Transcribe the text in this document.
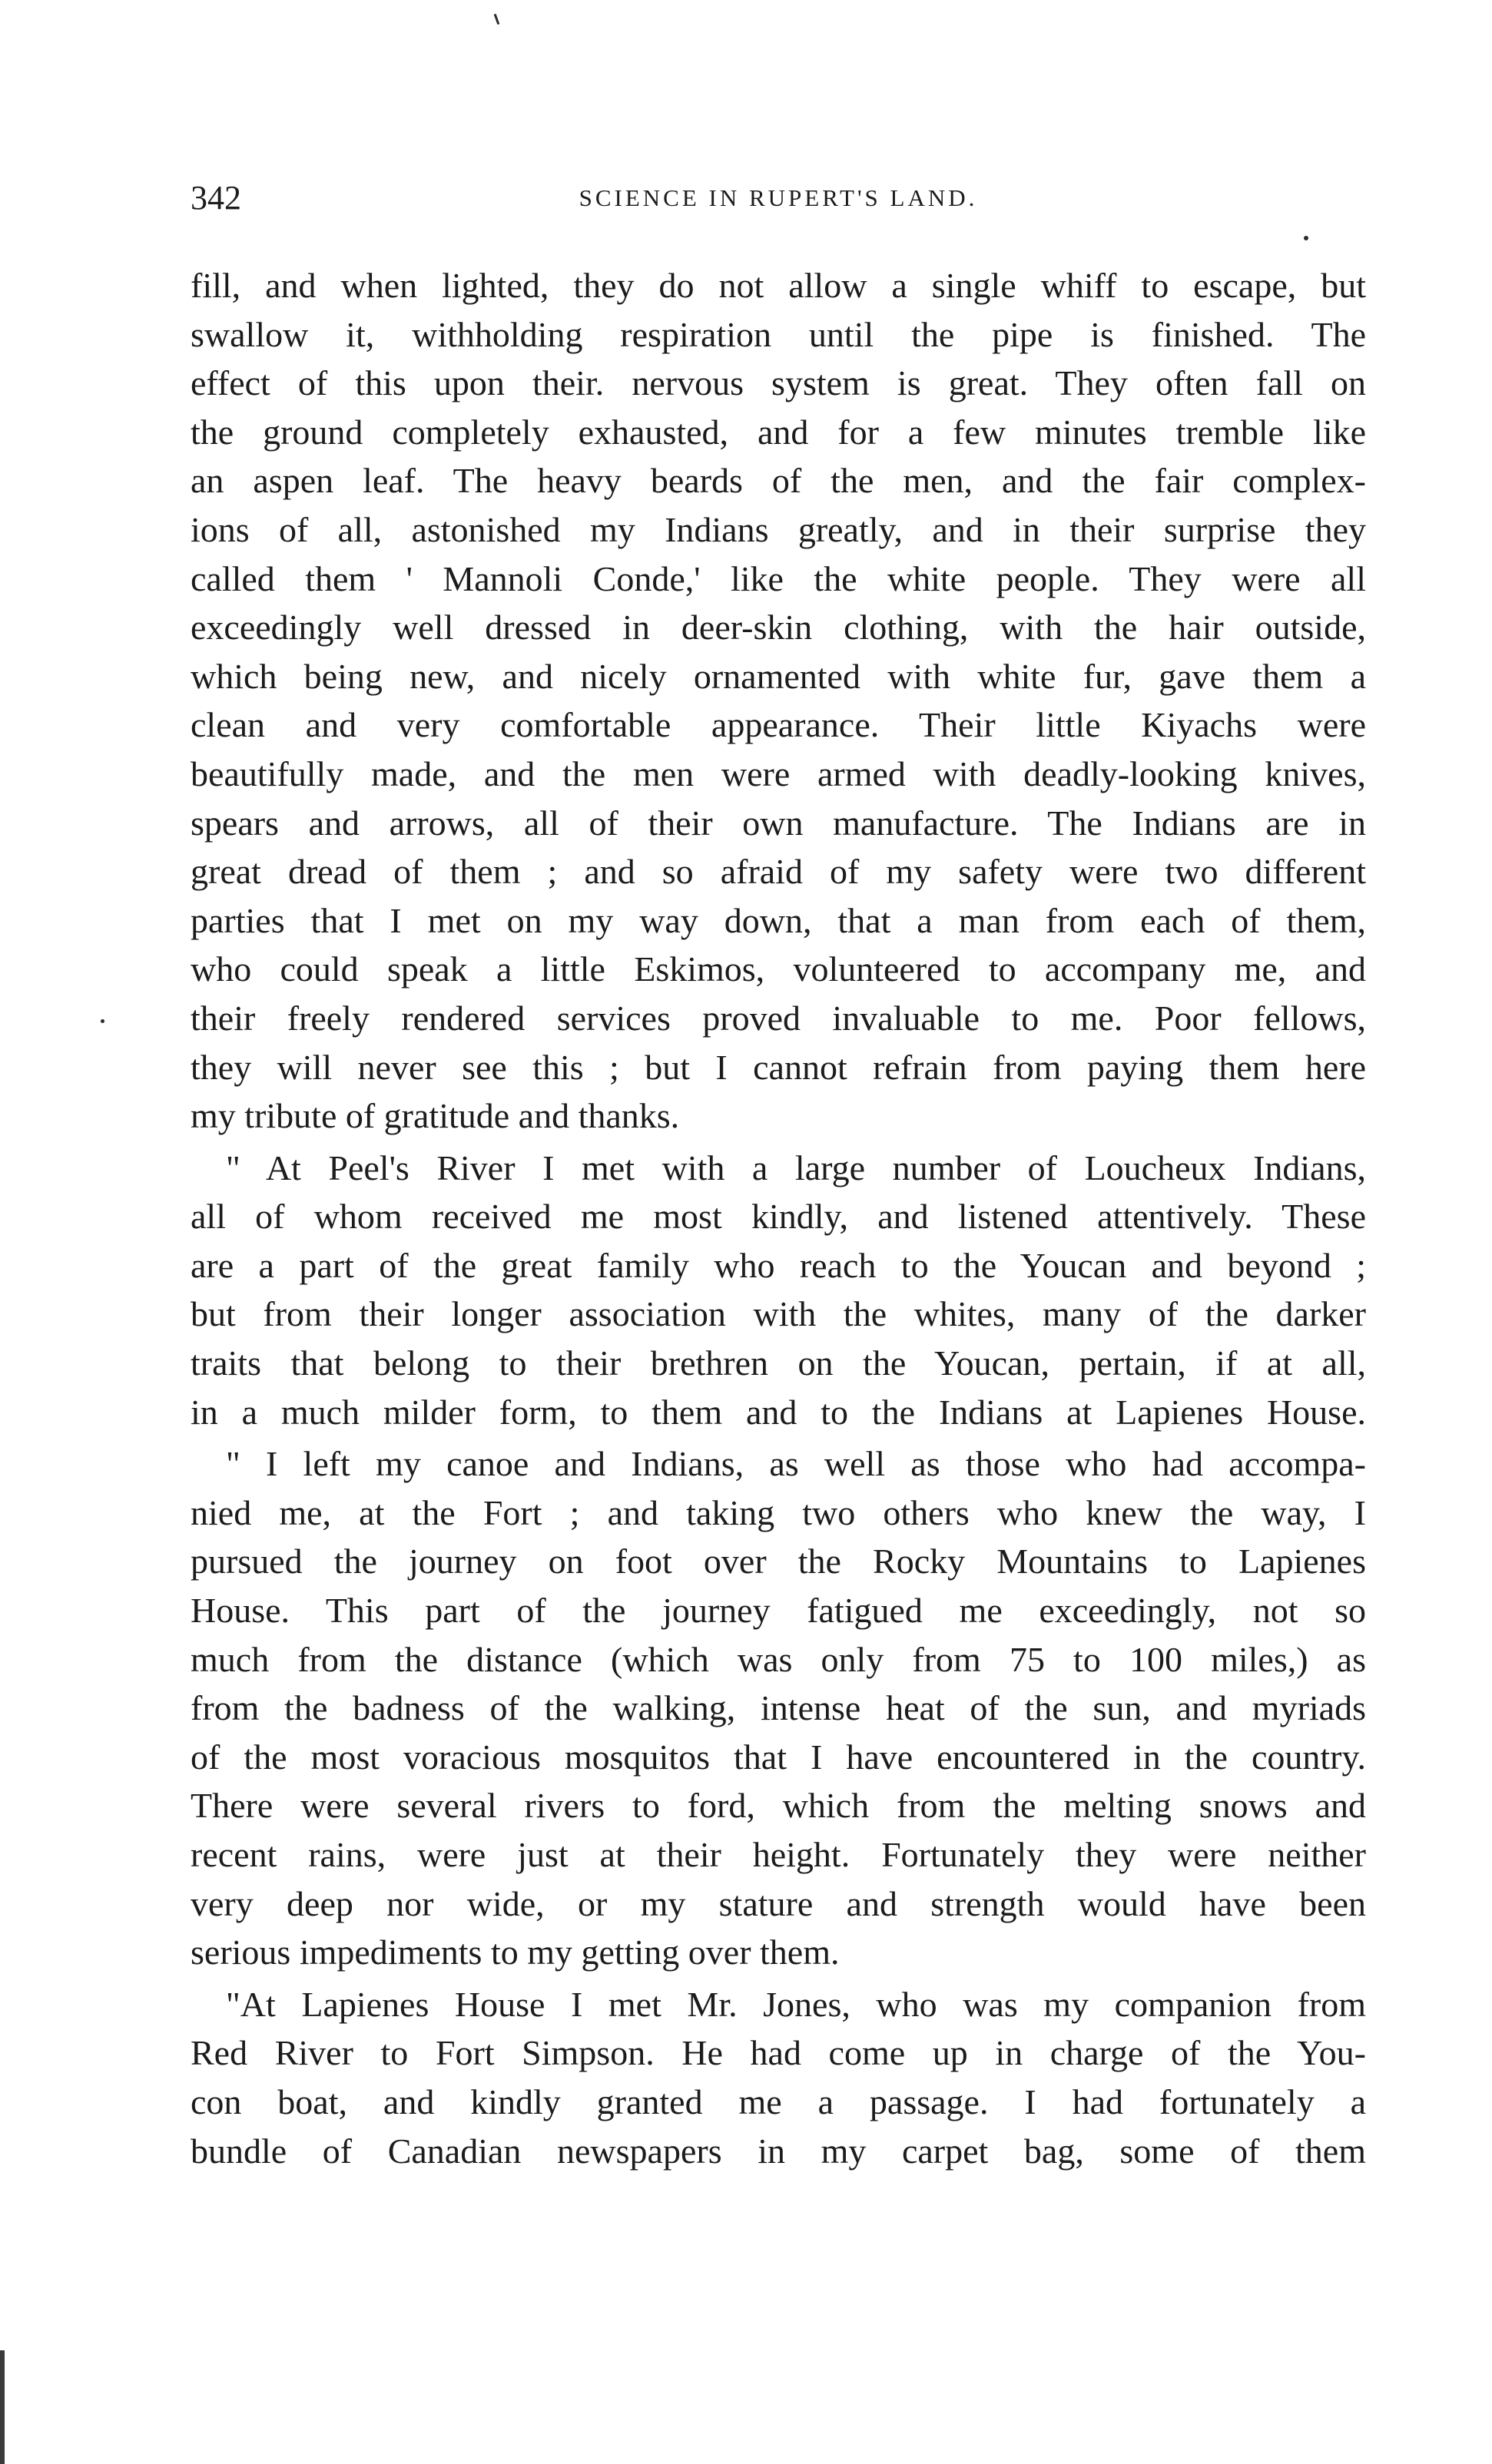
342	SCIENCE IN RUPERT'S LAND.
fill, and when lighted, they do not allow a single whiff to escape, but
swallow it, withholding respiration until the pipe is finished. The
effect of this upon their. nervous system is great. They often fall on
the ground completely exhausted, and for a few minutes tremble like
an aspen leaf. The heavy beards of the men, and the fair complex-
ions of all, astonished my Indians greatly, and in their surprise they
called them ' Mannoli Conde,' like the white people. They were all
exceedingly well dressed in deer-skin clothing, with the hair outside,
which being new, and nicely ornamented with white fur, gave them a
clean and very comfortable appearance. Their little Kiyachs were
beautifully made, and the men were armed with deadly-looking knives,
spears and arrows, all of their own manufacture. The Indians are in
great dread of them ; and so afraid of my safety were two different
parties that I met on my way down, that a man from each of them,
who could speak a little Eskimos, volunteered to accompany me, and
their freely rendered services proved invaluable to me. Poor fellows,
they will never see this ; but I cannot refrain from paying them here
my tribute of gratitude and thanks.
" At Peel's River I met with a large number of Loucheux Indians,
all of whom received me most kindly, and listened attentively. These
are a part of the great family who reach to the Youcan and beyond ;
but from their longer association with the whites, many of the darker
traits that belong to their brethren on the Youcan, pertain, if at all,
in a much milder form, to them and to the Indians at Lapienes House.
" I left my canoe and Indians, as well as those who had accompa-
nied me, at the Fort ; and taking two others who knew the way, I
pursued the journey on foot over the Rocky Mountains to Lapienes
House. This part of the journey fatigued me exceedingly, not so
much from the distance (which was only from 75 to 100 miles,) as
from the badness of the walking, intense heat of the sun, and myriads
of the most voracious mosquitos that I have encountered in the country.
There were several rivers to ford, which from the melting snows and
recent rains, were just at their height. Fortunately they were neither
very deep nor wide, or my stature and strength would have been
serious impediments to my getting over them.
"At Lapienes House I met Mr. Jones, who was my companion from
Red River to Fort Simpson. He had come up in charge of the You-
con boat, and kindly granted me a passage. I had fortunately a
bundle of Canadian newspapers in my carpet bag, some of them
